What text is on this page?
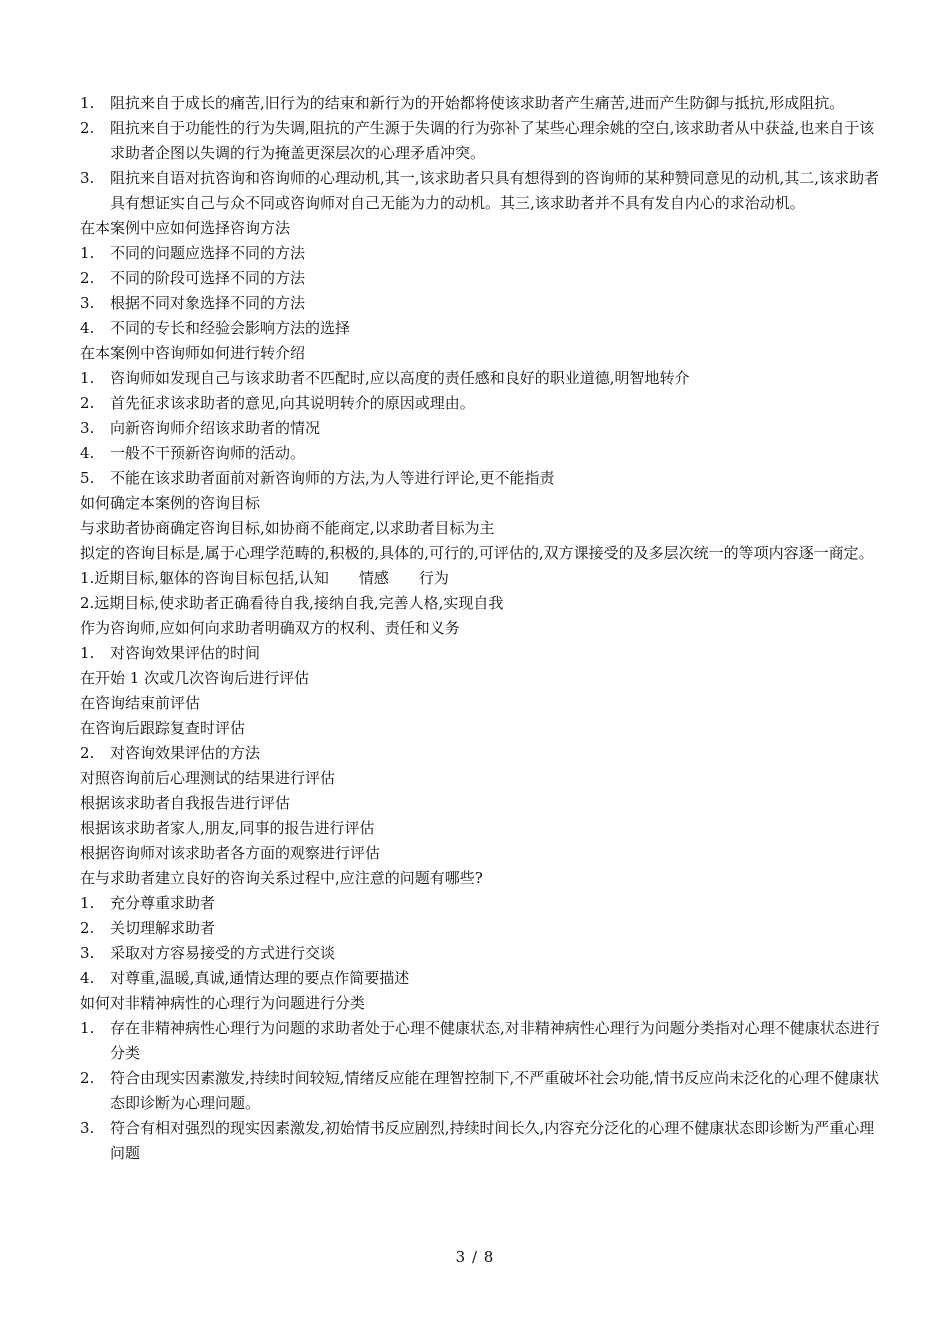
1.	阻抗来自于成长的痛苦,旧行为的结束和新行为的开始都将使该求助者产生痛苦,进而产生防御与抵抗,形成阻抗。
2.	阻抗来自于功能性的行为失调,阻抗的产生源于失调的行为弥补了某些心理余姚的空白,该求助者从中获益,也来自于该求助者企图以失调的行为掩盖更深层次的心理矛盾冲突。
3.	阻抗来自语对抗咨询和咨询师的心理动机,其一,该求助者只具有想得到的咨询师的某种赞同意见的动机,其二,该求助者具有想证实自己与众不同或咨询师对自己无能为力的动机。其三,该求助者并不具有发自内心的求治动机。
在本案例中应如何选择咨询方法
1.	不同的问题应选择不同的方法
2.	不同的阶段可选择不同的方法
3.	根据不同对象选择不同的方法
4.	不同的专长和经验会影响方法的选择
在本案例中咨询师如何进行转介绍
1.	咨询师如发现自己与该求助者不匹配时,应以高度的责任感和良好的职业道德,明智地转介
2.	首先征求该求助者的意见,向其说明转介的原因或理由。
3.	向新咨询师介绍该求助者的情况
4.	一般不干预新咨询师的活动。
5.	不能在该求助者面前对新咨询师的方法,为人等进行评论,更不能指责
如何确定本案例的咨询目标
与求助者协商确定咨询目标,如协商不能商定,以求助者目标为主
拟定的咨询目标是,属于心理学范畴的,积极的,具体的,可行的,可评估的,双方课接受的及多层次统一的等项内容逐一商定。
1.近期目标,躯体的咨询目标包括,认知　　情感　　行为
2.远期目标,使求助者正确看待自我,接纳自我,完善人格,实现自我
作为咨询师,应如何向求助者明确双方的权利、责任和义务
1.	对咨询效果评估的时间
在开始 1 次或几次咨询后进行评估
在咨询结束前评估
在咨询后跟踪复查时评估
2.	对咨询效果评估的方法
对照咨询前后心理测试的结果进行评估
根据该求助者自我报告进行评估
根据该求助者家人,朋友,同事的报告进行评估
根据咨询师对该求助者各方面的观察进行评估
在与求助者建立良好的咨询关系过程中,应注意的问题有哪些?
1.	充分尊重求助者
2.	关切理解求助者
3.	采取对方容易接受的方式进行交谈
4.	对尊重,温暖,真诚,通情达理的要点作简要描述
如何对非精神病性的心理行为问题进行分类
1.	存在非精神病性心理行为问题的求助者处于心理不健康状态,对非精神病性心理行为问题分类指对心理不健康状态进行分类
2.	符合由现实因素激发,持续时间较短,情绪反应能在理智控制下,不严重破坏社会功能,情书反应尚未泛化的心理不健康状态即诊断为心理问题。
3.	符合有相对强烈的现实因素激发,初始情书反应剧烈,持续时间长久,内容充分泛化的心理不健康状态即诊断为严重心理问题
3 / 8
